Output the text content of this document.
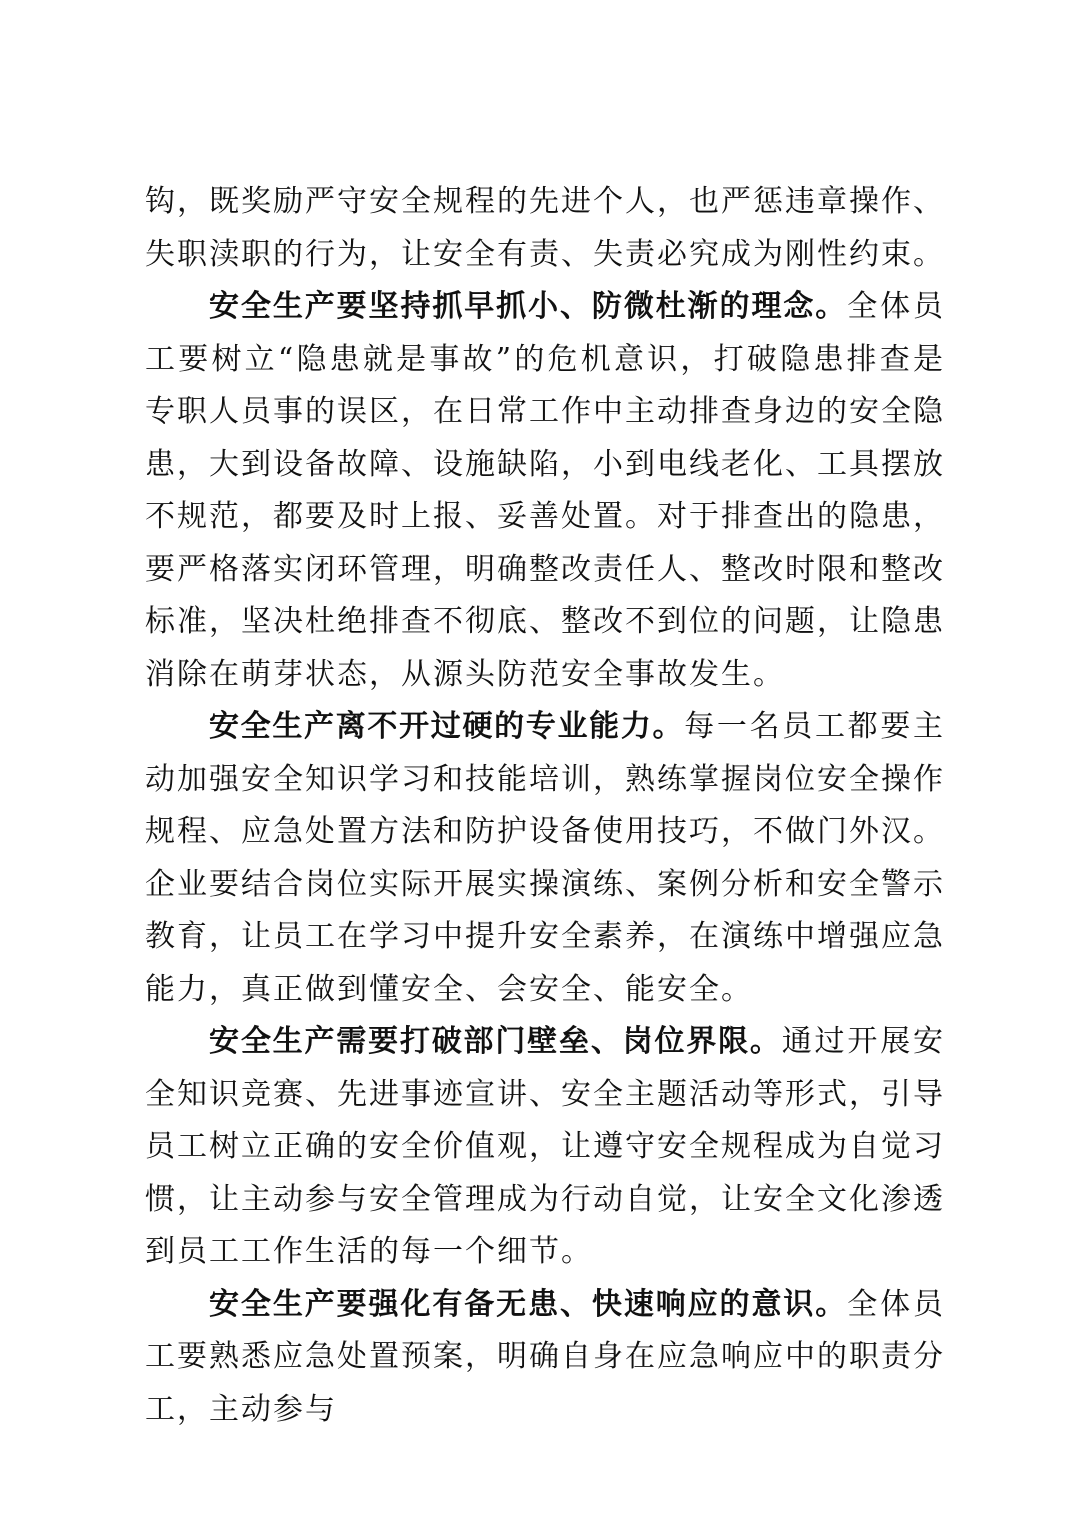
钩，既奖励严守安全规程的先进个人，也严惩违章操作、失职渎职的行为，让安全有责、失责必究成为刚性约束。

安全生产要坚持抓早抓小、防微杜渐的理念。全体员工要树立“隐患就是事故”的危机意识，打破隐患排查是专职人员事的误区，在日常工作中主动排查身边的安全隐患，大到设备故障、设施缺陷，小到电线老化、工具摆放不规范，都要及时上报、妥善处置。对于排查出的隐患，要严格落实闭环管理，明确整改责任人、整改时限和整改标准，坚决杜绝排查不彻底、整改不到位的问题，让隐患消除在萌芽状态，从源头防范安全事故发生。

安全生产离不开过硬的专业能力。每一名员工都要主动加强安全知识学习和技能培训，熟练掌握岗位安全操作规程、应急处置方法和防护设备使用技巧，不做门外汉。企业要结合岗位实际开展实操演练、案例分析和安全警示教育，让员工在学习中提升安全素养，在演练中增强应急能力，真正做到懂安全、会安全、能安全。

安全生产需要打破部门壁垒、岗位界限。通过开展安全知识竞赛、先进事迹宣讲、安全主题活动等形式，引导员工树立正确的安全价值观，让遵守安全规程成为自觉习惯，让主动参与安全管理成为行动自觉，让安全文化渗透到员工工作生活的每一个细节。

安全生产要强化有备无患、快速响应的意识。全体员工要熟悉应急处置预案，明确自身在应急响应中的职责分工，主动参与
